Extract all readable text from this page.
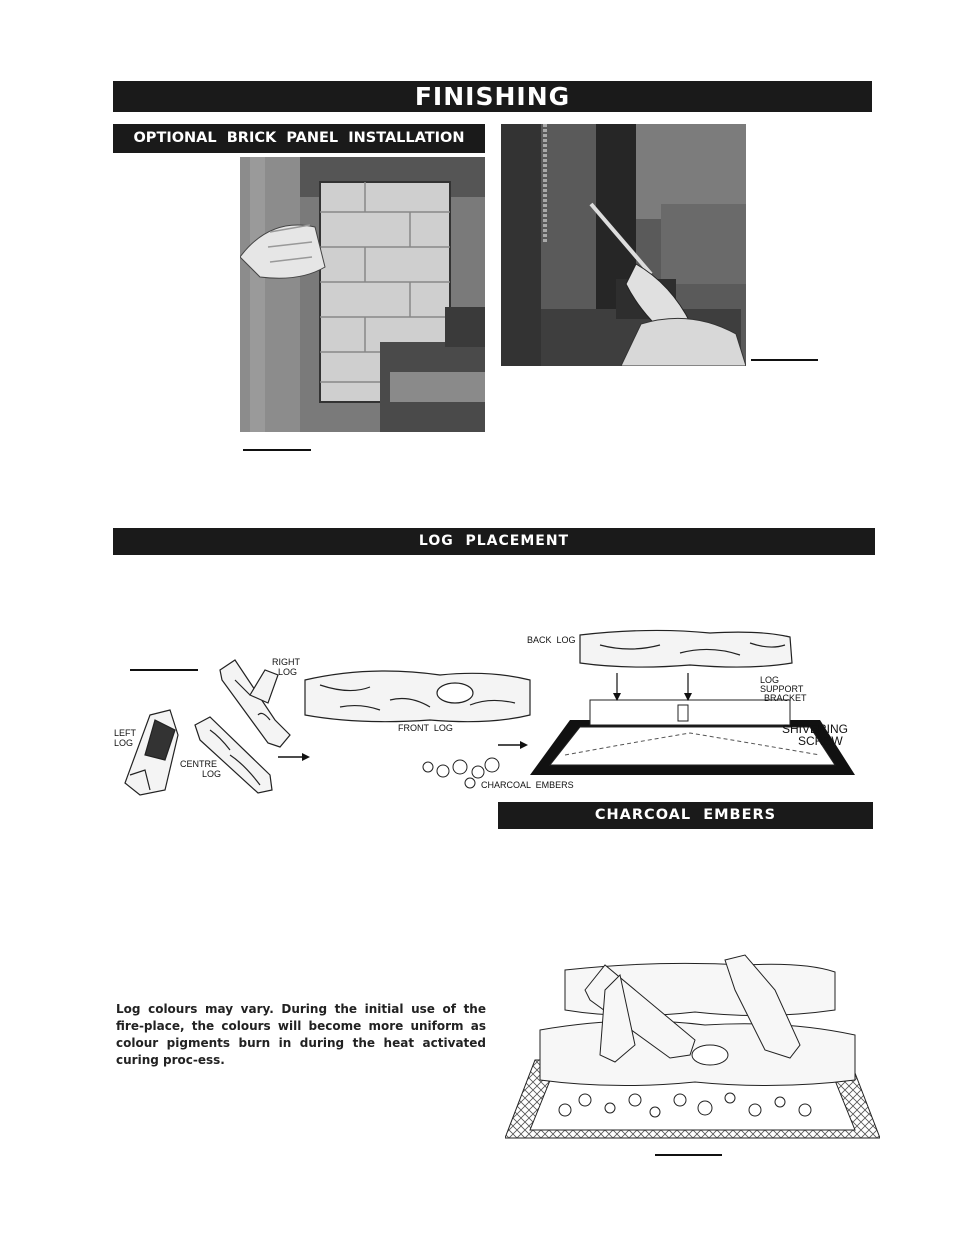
FINISHING
OPTIONAL  BRICK  PANEL  INSTALLATION
LOG  PLACEMENT
RIGHT
LOG
LEFT
LOG
CENTRE
LOG
FRONT  LOG
BACK  LOG
LOG
SUPPORT
BRACKET
SHIVERING
SCREW
CHARCOAL  EMBERS
CHARCOAL  EMBERS
Log colours may vary. During the initial use of the fire-place, the colours will become more uniform as colour pigments burn in during the heat activated curing proc-ess.
